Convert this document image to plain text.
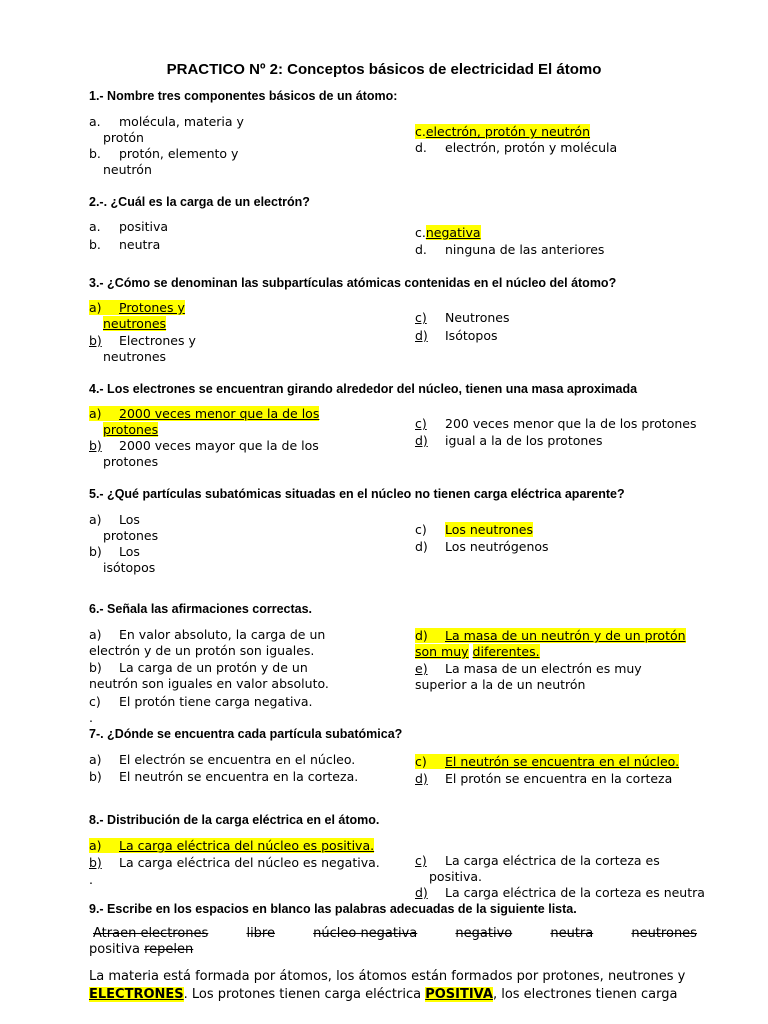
PRACTICO Nº 2: Conceptos básicos de electricidad El átomo
1.- Nombre tres componentes básicos de un átomo:
a. molécula, materia y
protón
b. protón, elemento y
neutrón
c.electrón, protón y neutrón
d. electrón, protón y molécula
2.-. ¿Cuál es la carga de un electrón?
a. positiva
b. neutra
c.negativa
d. ninguna de las anteriores
3.- ¿Cómo se denominan las subpartículas atómicas contenidas en el núcleo del átomo?
a) Protones y
neutrones
b) Electrones y
neutrones
c) Neutrones
d) Isótopos
4.- Los electrones se encuentran girando alrededor del núcleo, tienen una masa aproximada
a) 2000 veces menor que la de los
protones
b) 2000 veces mayor que la de los
protones
c) 200 veces menor que la de los protones
d) igual a la de los protones
5.- ¿Qué partículas subatómicas situadas en el núcleo no tienen carga eléctrica aparente?
a) Los
protones
b) Los
isótopos
c) Los neutrones
d) Los neutrógenos
6.- Señala las afirmaciones correctas.
a) En valor absoluto, la carga de un
electrón y de un protón son iguales.
b) La carga de un protón y de un
neutrón son iguales en valor absoluto.
c) El protón tiene carga negativa.
.
d) La masa de un neutrón y de un protón
son muy diferentes.
e) La masa de un electrón es muy
superior a la de un neutrón
7-. ¿Dónde se encuentra cada partícula subatómica?
a) El electrón se encuentra en el núcleo.
b) El neutrón se encuentra en la corteza.
c) El neutrón se encuentra en el núcleo.
d) El protón se encuentra en la corteza
8.- Distribución de la carga eléctrica en el átomo.
a) La carga eléctrica del núcleo es positiva.
b) La carga eléctrica del núcleo es negativa.
.
c) La carga eléctrica de la corteza es
positiva.
d) La carga eléctrica de la corteza es neutra
9.- Escribe en los espacios en blanco las palabras adecuadas de la siguiente lista.
Atraen electrones	libre	núcleo negativa	negativo	neutra	neutrones
positiva repelen
La materia está formada por átomos, los átomos están formados por protones, neutrones y
ELECTRONES. Los protones tienen carga eléctrica POSITIVA, los electrones tienen carga
